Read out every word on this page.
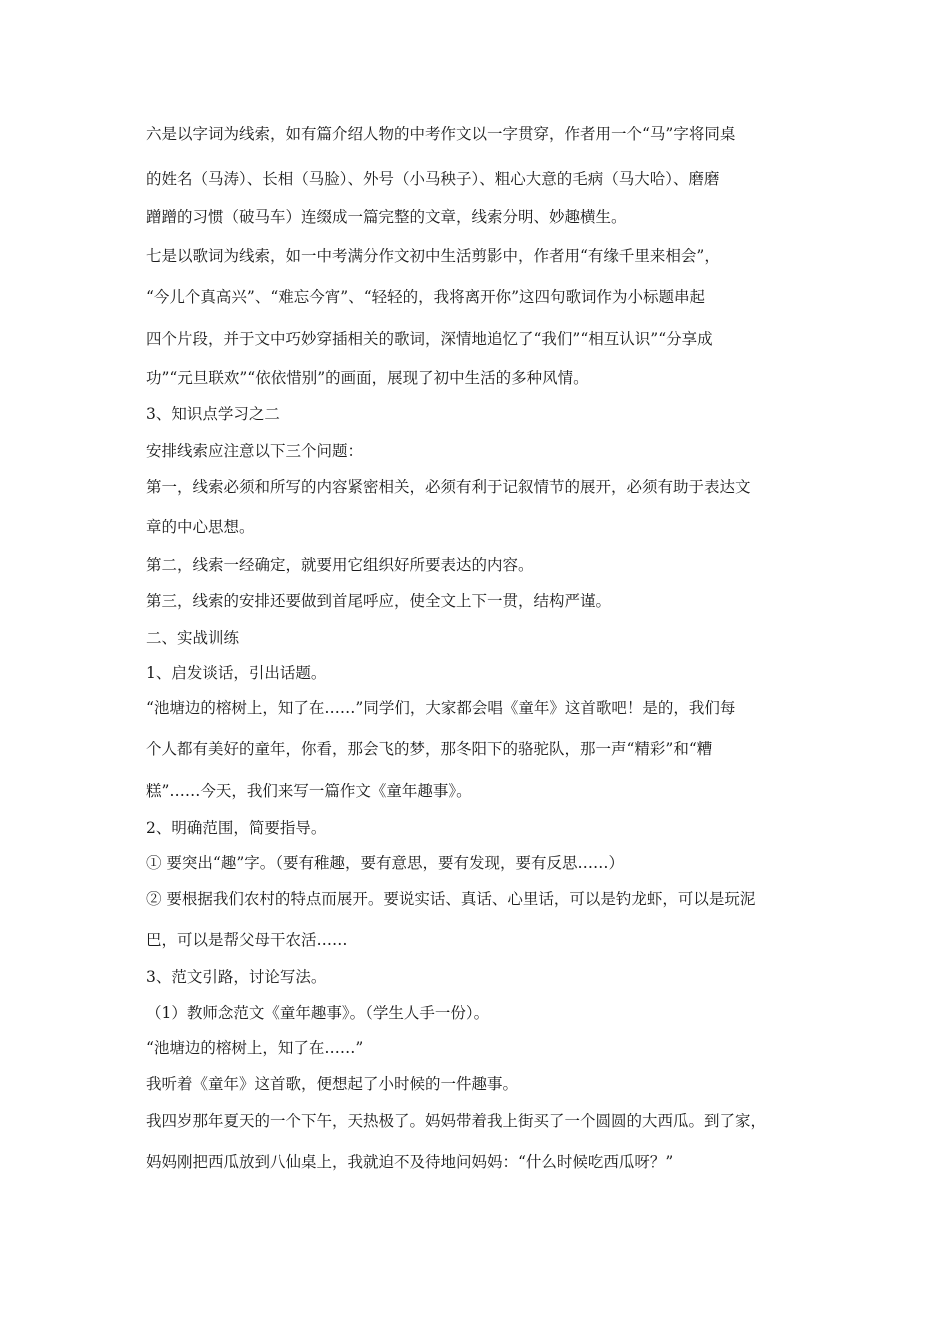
六是以字词为线索，如有篇介绍人物的中考作文以一字贯穿，作者用一个“马”字将同桌
的姓名（马涛）、长相（马脸）、外号（小马秧子）、粗心大意的毛病（马大哈）、磨磨
蹭蹭的习惯（破马车）连缀成一篇完整的文章，线索分明、妙趣横生。
七是以歌词为线索，如一中考满分作文初中生活剪影中，作者用“有缘千里来相会”，
“今儿个真高兴”、“难忘今宵”、“轻轻的，我将离开你”这四句歌词作为小标题串起
四个片段，并于文中巧妙穿插相关的歌词，深情地追忆了“我们”“相互认识”“分享成
功”“元旦联欢”“依依惜别”的画面，展现了初中生活的多种风情。
3、知识点学习之二
安排线索应注意以下三个问题：
第一，线索必须和所写的内容紧密相关，必须有利于记叙情节的展开，必须有助于表达文
章的中心思想。
第二，线索一经确定，就要用它组织好所要表达的内容。
第三，线索的安排还要做到首尾呼应，使全文上下一贯，结构严谨。
二、实战训练
1、启发谈话，引出话题。
“池塘边的榕树上，知了在……”同学们，大家都会唱《童年》这首歌吧！是的，我们每
个人都有美好的童年，你看，那会飞的梦，那冬阳下的骆驼队，那一声“精彩”和“糟
糕”……今天，我们来写一篇作文《童年趣事》。
2、明确范围，简要指导。
① 要突出“趣”字。（要有稚趣，要有意思，要有发现，要有反思……）
② 要根据我们农村的特点而展开。要说实话、真话、心里话，可以是钓龙虾，可以是玩泥
巴，可以是帮父母干农活……
3、范文引路，讨论写法。
（1）教师念范文《童年趣事》。（学生人手一份）。
“池塘边的榕树上，知了在……”
我听着《童年》这首歌，便想起了小时候的一件趣事。
我四岁那年夏天的一个下午，天热极了。妈妈带着我上街买了一个圆圆的大西瓜。到了家，
妈妈刚把西瓜放到八仙桌上，我就迫不及待地问妈妈：“什么时候吃西瓜呀？”
